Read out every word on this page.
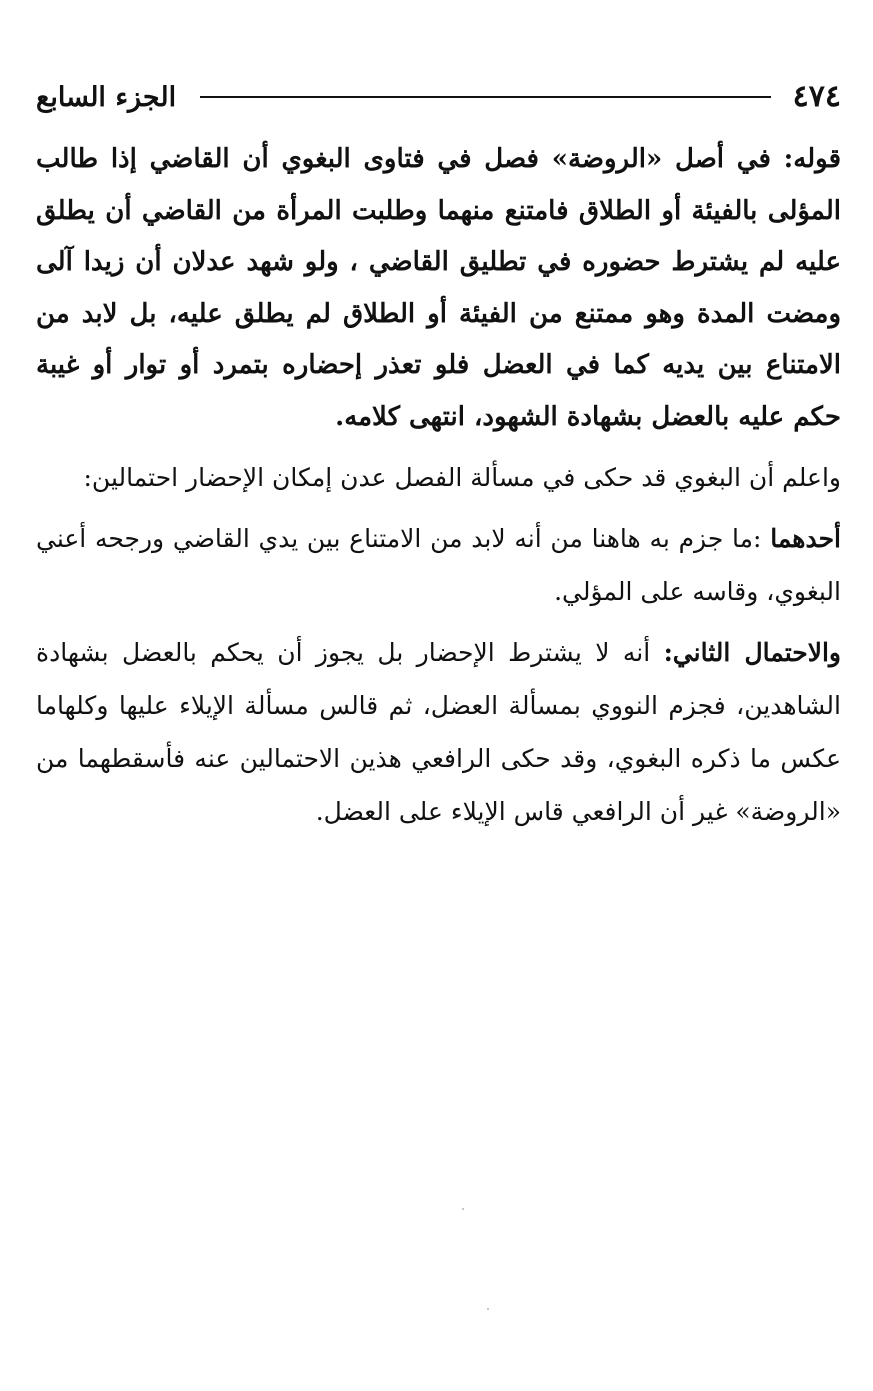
٤٧٤
الجزء السابع

قوله: في أصل «الروضة» فصل في فتاوى البغوي أن القاضي إذا طالب المؤلى بالفيئة أو الطلاق فامتنع منهما وطلبت المرأة من القاضي أن يطلق عليه لم يشترط حضوره في تطليق القاضي ، ولو شهد عدلان أن زيدا آلى ومضت المدة وهو ممتنع من الفيئة أو الطلاق لم يطلق عليه، بل لابد من الامتناع بين يديه كما في العضل فلو تعذر إحضاره بتمرد أو توار أو غيبة حكم عليه بالعضل بشهادة الشهود، انتهى كلامه.

واعلم أن البغوي قد حكى في مسألة الفصل عدن إمكان الإحضار احتمالين:

أحدهما :ما جزم به هاهنا من أنه لابد من الامتناع بين يدي القاضي ورجحه أعني البغوي، وقاسه على المؤلي.

والاحتمال الثاني: أنه لا يشترط الإحضار بل يجوز أن يحكم بالعضل بشهادة الشاهدين، فجزم النووي بمسألة العضل، ثم قالس مسألة الإيلاء عليها وكلهاما عكس ما ذكره البغوي، وقد حكى الرافعي هذين الاحتمالين عنه فأسقطهما من «الروضة» غير أن الرافعي قاس الإيلاء على العضل.
